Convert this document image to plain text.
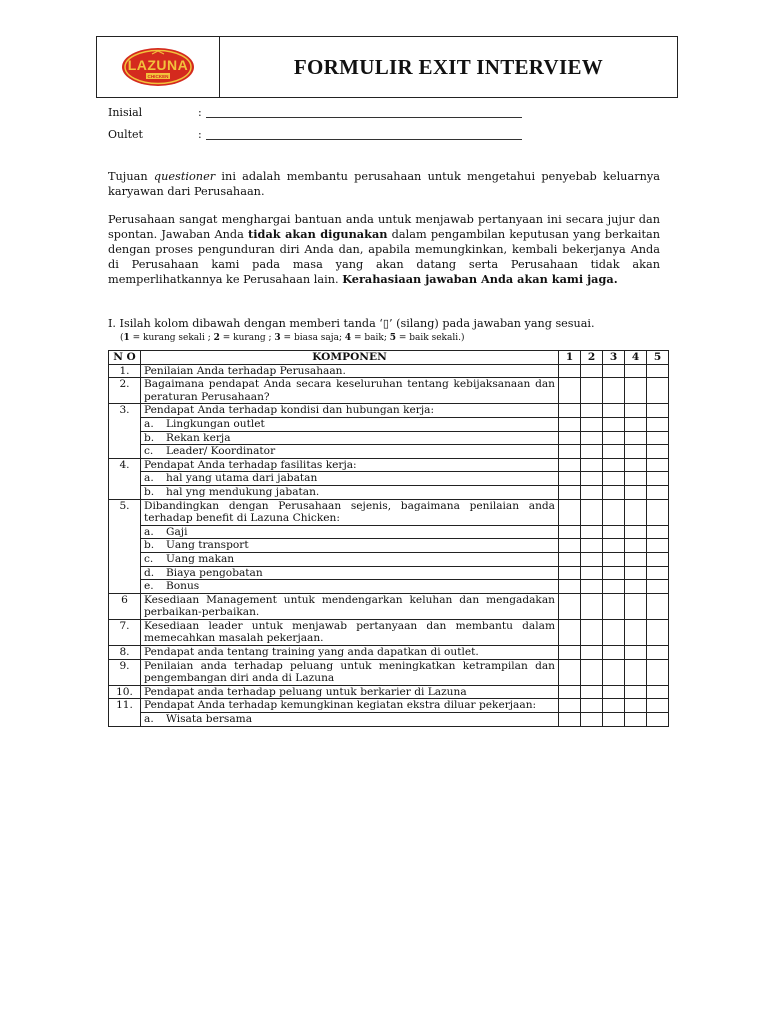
LAZUNA
CHICKEN	FORMULIR EXIT INTERVIEW
Inisial	:
Oultet	:

Tujuan questioner ini adalah membantu perusahaan untuk mengetahui penyebab keluarnya karyawan dari Perusahaan.

Perusahaan sangat menghargai bantuan anda untuk menjawab pertanyaan ini secara jujur dan spontan. Jawaban Anda tidak akan digunakan dalam pengambilan keputusan yang berkaitan dengan proses pengunduran diri Anda dan, apabila memungkinkan, kembali bekerjanya Anda di Perusahaan kami pada masa yang akan datang serta Perusahaan tidak akan memperlihatkannya ke Perusahaan lain. Kerahasiaan jawaban Anda akan kami jaga.

I. Isilah kolom dibawah dengan memberi tanda ‘▯’ (silang) pada jawaban yang sesuai.
(1 = kurang sekali ; 2 = kurang ; 3 = biasa saja; 4 = baik; 5 = baik sekali.)
N O	KOMPONEN	1	2	3	4	5
1.	Penilaian Anda terhadap Perusahaan.					
2.	Bagaimana pendapat Anda secara keseluruhan tentang kebijaksanaan dan peraturan Perusahaan?					
3.	Pendapat Anda terhadap kondisi dan hubungan kerja:					
	a. Lingkungan outlet					
	b. Rekan kerja					
	c. Leader/ Koordinator					
4.	Pendapat Anda terhadap fasilitas kerja:					
	a. hal yang utama dari jabatan					
	b. hal yng mendukung jabatan.					
5.	Dibandingkan dengan Perusahaan sejenis, bagaimana penilaian anda terhadap benefit di Lazuna Chicken:					
	a. Gaji					
	b. Uang transport					
	c. Uang makan					
	d. Biaya pengobatan					
	e. Bonus					
6	Kesediaan Management untuk mendengarkan keluhan dan mengadakan perbaikan-perbaikan.					
7.	Kesediaan leader untuk menjawab pertanyaan dan membantu dalam memecahkan masalah pekerjaan.					
8.	Pendapat anda tentang training yang anda dapatkan di outlet.					
9.	Penilaian anda terhadap peluang untuk meningkatkan ketrampilan dan pengembangan diri anda di Lazuna					
10.	Pendapat anda terhadap peluang untuk berkarier di Lazuna					
11.	Pendapat Anda terhadap kemungkinan kegiatan ekstra diluar pekerjaan:					
	a. Wisata bersama					
